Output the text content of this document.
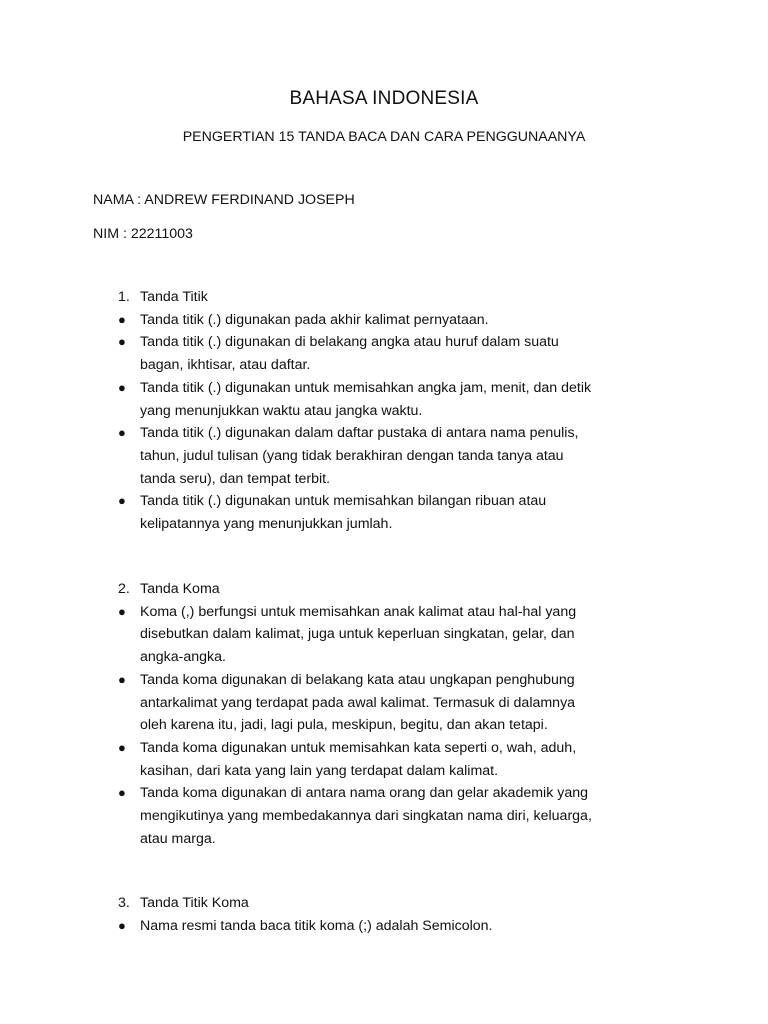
BAHASA INDONESIA
PENGERTIAN 15 TANDA BACA DAN CARA PENGGUNAANYA
NAMA : ANDREW FERDINAND JOSEPH
NIM : 22211003
1. Tanda Titik
● Tanda titik (.) digunakan pada akhir kalimat pernyataan.
● Tanda titik (.) digunakan di belakang angka atau huruf dalam suatu
bagan, ikhtisar, atau daftar.
● Tanda titik (.) digunakan untuk memisahkan angka jam, menit, dan detik
yang menunjukkan waktu atau jangka waktu.
● Tanda titik (.) digunakan dalam daftar pustaka di antara nama penulis,
tahun, judul tulisan (yang tidak berakhiran dengan tanda tanya atau
tanda seru), dan tempat terbit.
● Tanda titik (.) digunakan untuk memisahkan bilangan ribuan atau
kelipatannya yang menunjukkan jumlah.
2. Tanda Koma
● Koma (,) berfungsi untuk memisahkan anak kalimat atau hal-hal yang
disebutkan dalam kalimat, juga untuk keperluan singkatan, gelar, dan
angka-angka.
● Tanda koma digunakan di belakang kata atau ungkapan penghubung
antarkalimat yang terdapat pada awal kalimat. Termasuk di dalamnya
oleh karena itu, jadi, lagi pula, meskipun, begitu, dan akan tetapi.
● Tanda koma digunakan untuk memisahkan kata seperti o, wah, aduh,
kasihan, dari kata yang lain yang terdapat dalam kalimat.
● Tanda koma digunakan di antara nama orang dan gelar akademik yang
mengikutinya yang membedakannya dari singkatan nama diri, keluarga,
atau marga.
3. Tanda Titik Koma
● Nama resmi tanda baca titik koma (;) adalah Semicolon.
